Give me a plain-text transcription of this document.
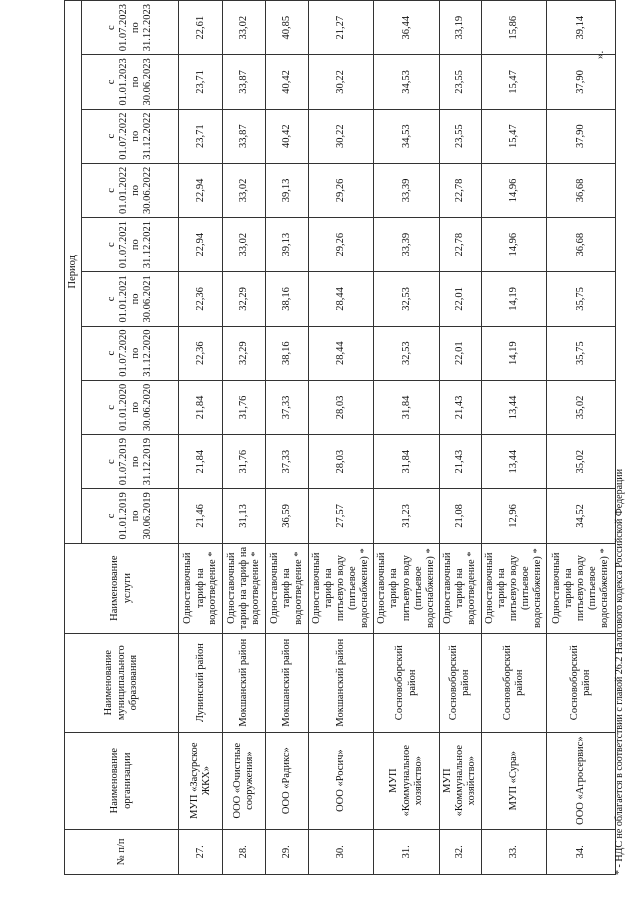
№ п/п	Наименование организации	Наименование муниципального образования	Наименование услуги	Период									
				с 01.01.2019 по 30.06.2019	с 01.07.2019 по 31.12.2019	с 01.01.2020 по 30.06.2020	с 01.07.2020 по 31.12.2020	с 01.01.2021 по 30.06.2021	с 01.07.2021 по 31.12.2021	с 01.01.2022 по 30.06.2022	с 01.07.2022 по 31.12.2022	с 01.01.2023 по 30.06.2023	с 01.07.2023 по 31.12.2023
27.	МУП «Засурское ЖКХ»	Лунинский район	Одноставочный тариф на водоотведение *	21,46	21,84	21,84	22,36	22,36	22,94	22,94	23,71	23,71	22,61
28.	ООО «Очистные сооружения»	Мокшанский район	Одноставочный тариф на тариф на водоотведение *	31,13	31,76	31,76	32,29	32,29	33,02	33,02	33,87	33,87	33,02
29.	ООО «Радикс»	Мокшанский район	Одноставочный тариф на водоотведение *	36,59	37,33	37,33	38,16	38,16	39,13	39,13	40,42	40,42	40,85
30.	ООО «Росич»	Мокшанский район	Одноставочный тариф на питьевую воду (питьевое водоснабжение) *	27,57	28,03	28,03	28,44	28,44	29,26	29,26	30,22	30,22	21,27
31.	МУП «Коммунальное хозяйство»	Сосновоборский район	Одноставочный тариф на питьевую воду (питьевое водоснабжение) *	31,23	31,84	31,84	32,53	32,53	33,39	33,39	34,53	34,53	36,44
32.	МУП «Коммунальное хозяйство»	Сосновоборский район	Одноставочный тариф на водоотведение *	21,08	21,43	21,43	22,01	22,01	22,78	22,78	23,55	23,55	33,19
33.	МУП «Сура»	Сосновоборский район	Одноставочный тариф на питьевую воду (питьевое водоснабжение) *	12,96	13,44	13,44	14,19	14,19	14,96	14,96	15,47	15,47	15,86
34.	ООО «Агросервис»	Сосновоборский район	Одноставочный тариф на питьевую воду (питьевое водоснабжение) *	34,52	35,02	35,02	35,75	35,75	36,68	36,68	37,90	37,90	39,14
* - НДС не облагается в соответствии с главой 26.2 Налогового кодекса Российской Федерации
».
